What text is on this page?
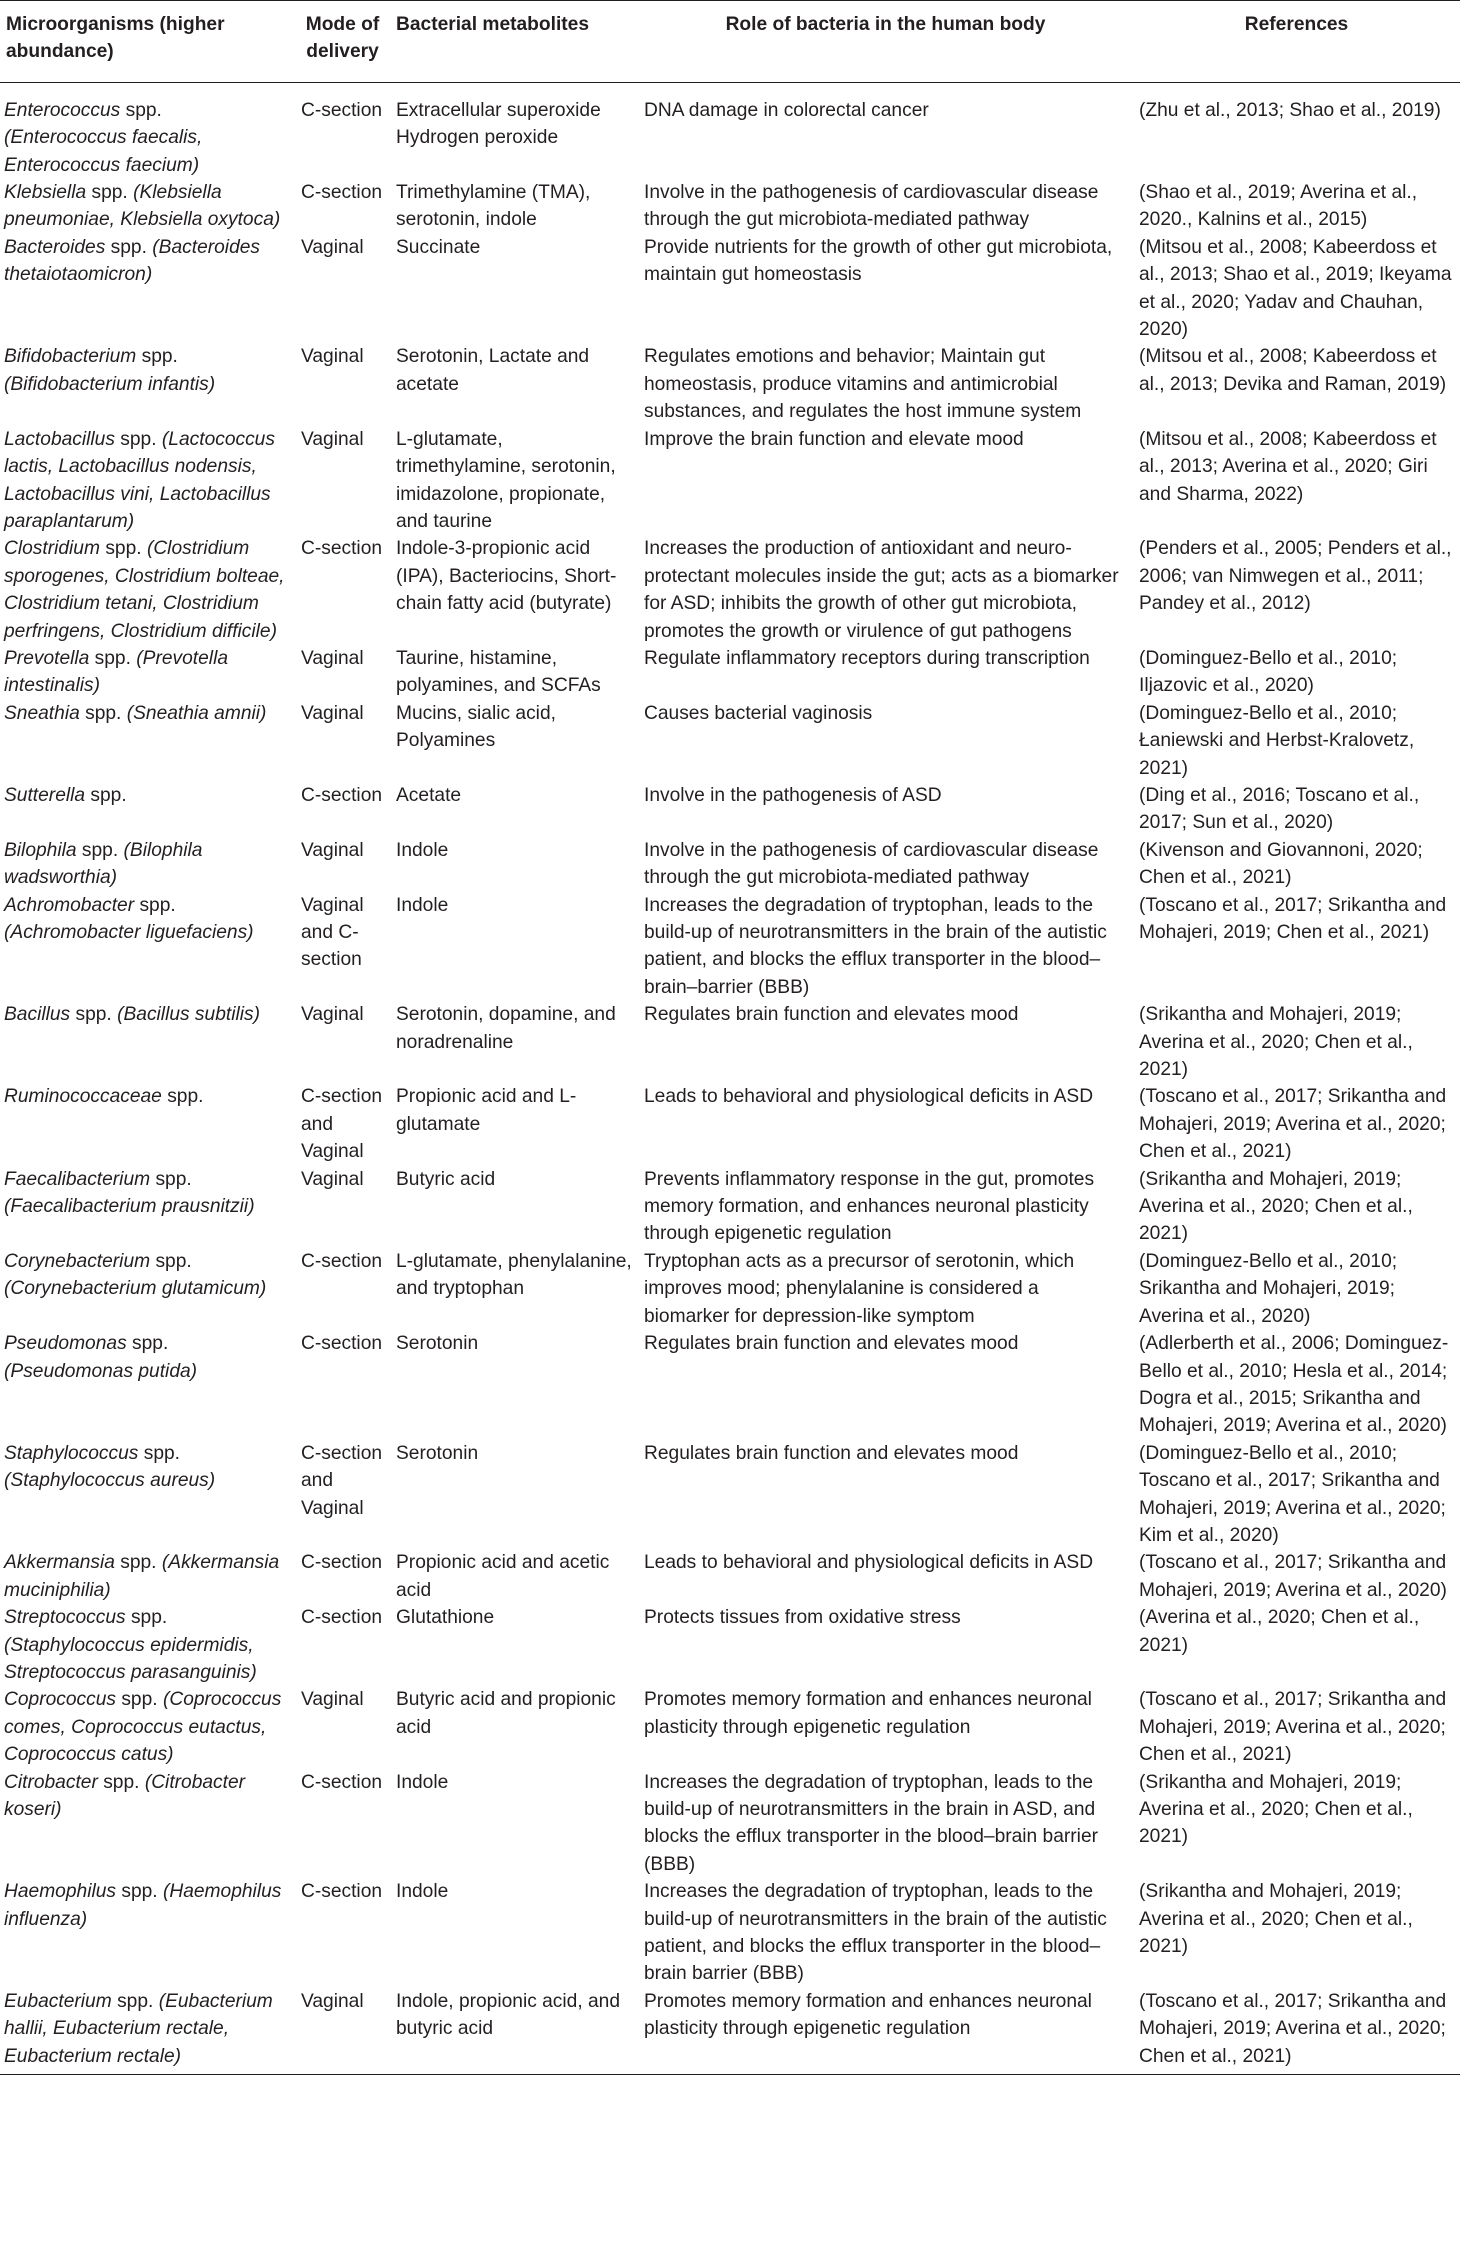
Microorganisms (higher abundance)	Mode of delivery	Bacterial metabolites	Role of bacteria in the human body	References
Enterococcus spp. (Enterococcus faecalis, Enterococcus faecium)	C-section	Extracellular superoxide Hydrogen peroxide	DNA damage in colorectal cancer	(Zhu et al., 2013; Shao et al., 2019)
Klebsiella spp. (Klebsiella pneumoniae, Klebsiella oxytoca)	C-section	Trimethylamine (TMA), serotonin, indole	Involve in the pathogenesis of cardiovascular disease through the gut microbiota-mediated pathway	(Shao et al., 2019; Averina et al., 2020., Kalnins et al., 2015)
Bacteroides spp. (Bacteroides thetaiotaomicron)	Vaginal	Succinate	Provide nutrients for the growth of other gut microbiota, maintain gut homeostasis	(Mitsou et al., 2008; Kabeerdoss et al., 2013; Shao et al., 2019; Ikeyama et al., 2020; Yadav and Chauhan, 2020)
Bifidobacterium spp. (Bifidobacterium infantis)	Vaginal	Serotonin, Lactate and acetate	Regulates emotions and behavior; Maintain gut homeostasis, produce vitamins and antimicrobial substances, and regulates the host immune system	(Mitsou et al., 2008; Kabeerdoss et al., 2013; Devika and Raman, 2019)
Lactobacillus spp. (Lactococcus lactis, Lactobacillus nodensis, Lactobacillus vini, Lactobacillus paraplantarum)	Vaginal	L-glutamate, trimethylamine, serotonin, imidazolone, propionate, and taurine	Improve the brain function and elevate mood	(Mitsou et al., 2008; Kabeerdoss et al., 2013; Averina et al., 2020; Giri and Sharma, 2022)
Clostridium spp. (Clostridium sporogenes, Clostridium bolteae, Clostridium tetani, Clostridium perfringens, Clostridium difficile)	C-section	Indole-3-propionic acid (IPA), Bacteriocins, Short-chain fatty acid (butyrate)	Increases the production of antioxidant and neuro-protectant molecules inside the gut; acts as a biomarker for ASD; inhibits the growth of other gut microbiota, promotes the growth or virulence of gut pathogens	(Penders et al., 2005; Penders et al., 2006; van Nimwegen et al., 2011; Pandey et al., 2012)
Prevotella spp. (Prevotella intestinalis)	Vaginal	Taurine, histamine, polyamines, and SCFAs	Regulate inflammatory receptors during transcription	(Dominguez-Bello et al., 2010; Iljazovic et al., 2020)
Sneathia spp. (Sneathia amnii)	Vaginal	Mucins, sialic acid, Polyamines	Causes bacterial vaginosis	(Dominguez-Bello et al., 2010; Łaniewski and Herbst-Kralovetz, 2021)
Sutterella spp.	C-section	Acetate	Involve in the pathogenesis of ASD	(Ding et al., 2016; Toscano et al., 2017; Sun et al., 2020)
Bilophila spp. (Bilophila wadsworthia)	Vaginal	Indole	Involve in the pathogenesis of cardiovascular disease through the gut microbiota-mediated pathway	(Kivenson and Giovannoni, 2020; Chen et al., 2021)
Achromobacter spp. (Achromobacter liguefaciens)	Vaginal and C-section	Indole	Increases the degradation of tryptophan, leads to the build-up of neurotransmitters in the brain of the autistic patient, and blocks the efflux transporter in the blood–brain–barrier (BBB)	(Toscano et al., 2017; Srikantha and Mohajeri, 2019; Chen et al., 2021)
Bacillus spp. (Bacillus subtilis)	Vaginal	Serotonin, dopamine, and noradrenaline	Regulates brain function and elevates mood	(Srikantha and Mohajeri, 2019; Averina et al., 2020; Chen et al., 2021)
Ruminococcaceae spp.	C-section and Vaginal	Propionic acid and L-glutamate	Leads to behavioral and physiological deficits in ASD	(Toscano et al., 2017; Srikantha and Mohajeri, 2019; Averina et al., 2020; Chen et al., 2021)
Faecalibacterium spp. (Faecalibacterium prausnitzii)	Vaginal	Butyric acid	Prevents inflammatory response in the gut, promotes memory formation, and enhances neuronal plasticity through epigenetic regulation	(Srikantha and Mohajeri, 2019; Averina et al., 2020; Chen et al., 2021)
Corynebacterium spp. (Corynebacterium glutamicum)	C-section	L-glutamate, phenylalanine, and tryptophan	Tryptophan acts as a precursor of serotonin, which improves mood; phenylalanine is considered a biomarker for depression-like symptom	(Dominguez-Bello et al., 2010; Srikantha and Mohajeri, 2019; Averina et al., 2020)
Pseudomonas spp. (Pseudomonas putida)	C-section	Serotonin	Regulates brain function and elevates mood	(Adlerberth et al., 2006; Dominguez-Bello et al., 2010; Hesla et al., 2014; Dogra et al., 2015; Srikantha and Mohajeri, 2019; Averina et al., 2020)
Staphylococcus spp. (Staphylococcus aureus)	C-section and Vaginal	Serotonin	Regulates brain function and elevates mood	(Dominguez-Bello et al., 2010; Toscano et al., 2017; Srikantha and Mohajeri, 2019; Averina et al., 2020; Kim et al., 2020)
Akkermansia spp. (Akkermansia muciniphilia)	C-section	Propionic acid and acetic acid	Leads to behavioral and physiological deficits in ASD	(Toscano et al., 2017; Srikantha and Mohajeri, 2019; Averina et al., 2020)
Streptococcus spp. (Staphylococcus epidermidis, Streptococcus parasanguinis)	C-section	Glutathione	Protects tissues from oxidative stress	(Averina et al., 2020; Chen et al., 2021)
Coprococcus spp. (Coprococcus comes, Coprococcus eutactus, Coprococcus catus)	Vaginal	Butyric acid and propionic acid	Promotes memory formation and enhances neuronal plasticity through epigenetic regulation	(Toscano et al., 2017; Srikantha and Mohajeri, 2019; Averina et al., 2020; Chen et al., 2021)
Citrobacter spp. (Citrobacter koseri)	C-section	Indole	Increases the degradation of tryptophan, leads to the build-up of neurotransmitters in the brain in ASD, and blocks the efflux transporter in the blood–brain barrier (BBB)	(Srikantha and Mohajeri, 2019; Averina et al., 2020; Chen et al., 2021)
Haemophilus spp. (Haemophilus influenza)	C-section	Indole	Increases the degradation of tryptophan, leads to the build-up of neurotransmitters in the brain of the autistic patient, and blocks the efflux transporter in the blood–brain barrier (BBB)	(Srikantha and Mohajeri, 2019; Averina et al., 2020; Chen et al., 2021)
Eubacterium spp. (Eubacterium hallii, Eubacterium rectale, Eubacterium rectale)	Vaginal	Indole, propionic acid, and butyric acid	Promotes memory formation and enhances neuronal plasticity through epigenetic regulation	(Toscano et al., 2017; Srikantha and Mohajeri, 2019; Averina et al., 2020; Chen et al., 2021)
